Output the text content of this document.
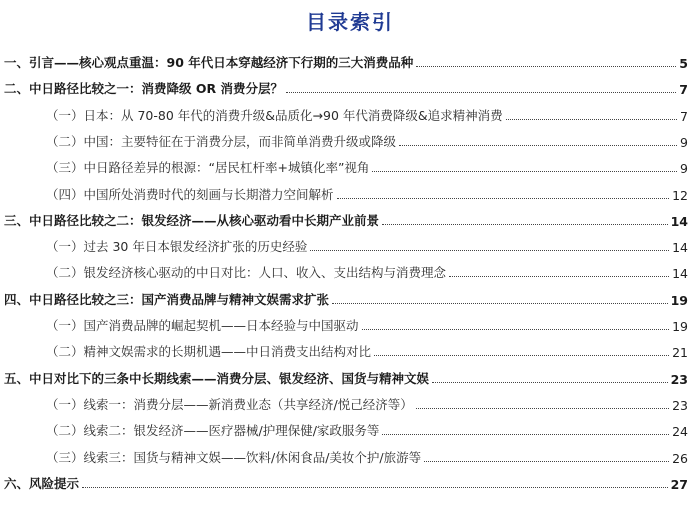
目录索引
一、引言——核心观点重温：90 年代日本穿越经济下行期的三大消费品种	5
二、中日路径比较之一：消费降级 OR 消费分层？	7
（一）日本：从 70-80 年代的消费升级&品质化→90 年代消费降级&追求精神消费	7
（二）中国：主要特征在于消费分层，而非简单消费升级或降级	9
（三）中日路径差异的根源：“居民杠杆率+城镇化率”视角	9
（四）中国所处消费时代的刻画与长期潜力空间解析	12
三、中日路径比较之二：银发经济——从核心驱动看中长期产业前景	14
（一）过去 30 年日本银发经济扩张的历史经验	14
（二）银发经济核心驱动的中日对比：人口、收入、支出结构与消费理念	14
四、中日路径比较之三：国产消费品牌与精神文娱需求扩张	19
（一）国产消费品牌的崛起契机——日本经验与中国驱动	19
（二）精神文娱需求的长期机遇——中日消费支出结构对比	21
五、中日对比下的三条中长期线索——消费分层、银发经济、国货与精神文娱	23
（一）线索一：消费分层——新消费业态（共享经济/悦己经济等）	23
（二）线索二：银发经济——医疗器械/护理保健/家政服务等	24
（三）线索三：国货与精神文娱——饮料/休闲食品/美妆个护/旅游等	26
六、风险提示	27
